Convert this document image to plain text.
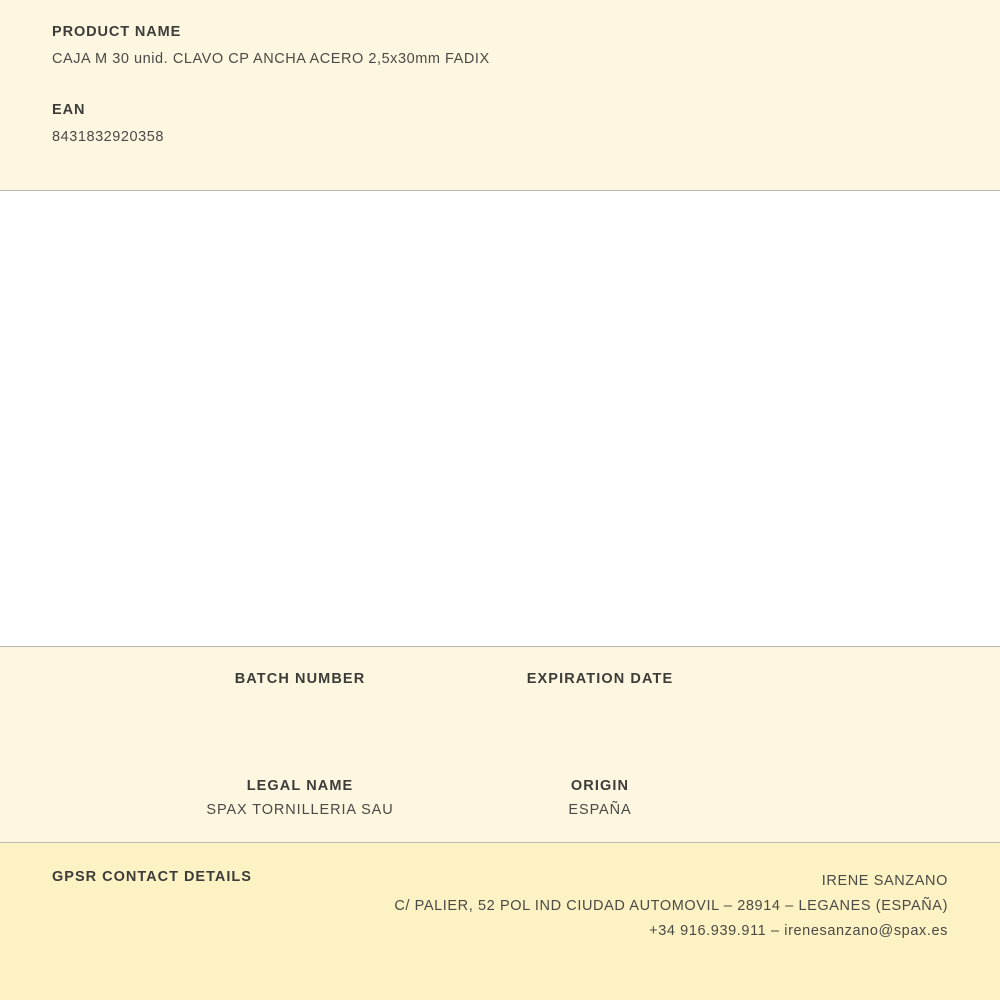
PRODUCT NAME
CAJA M 30 unid. CLAVO CP ANCHA ACERO 2,5x30mm FADIX
EAN
8431832920358
BATCH NUMBER	EXPIRATION DATE
LEGAL NAME
SPAX TORNILLERIA SAU
ORIGIN
ESPAÑA
GPSR CONTACT DETAILS	IRENE SANZANO
C/ PALIER, 52 POL IND CIUDAD AUTOMOVIL – 28914 – LEGANES (ESPAÑA)
+34 916.939.911 – irenesanzano@spax.es
